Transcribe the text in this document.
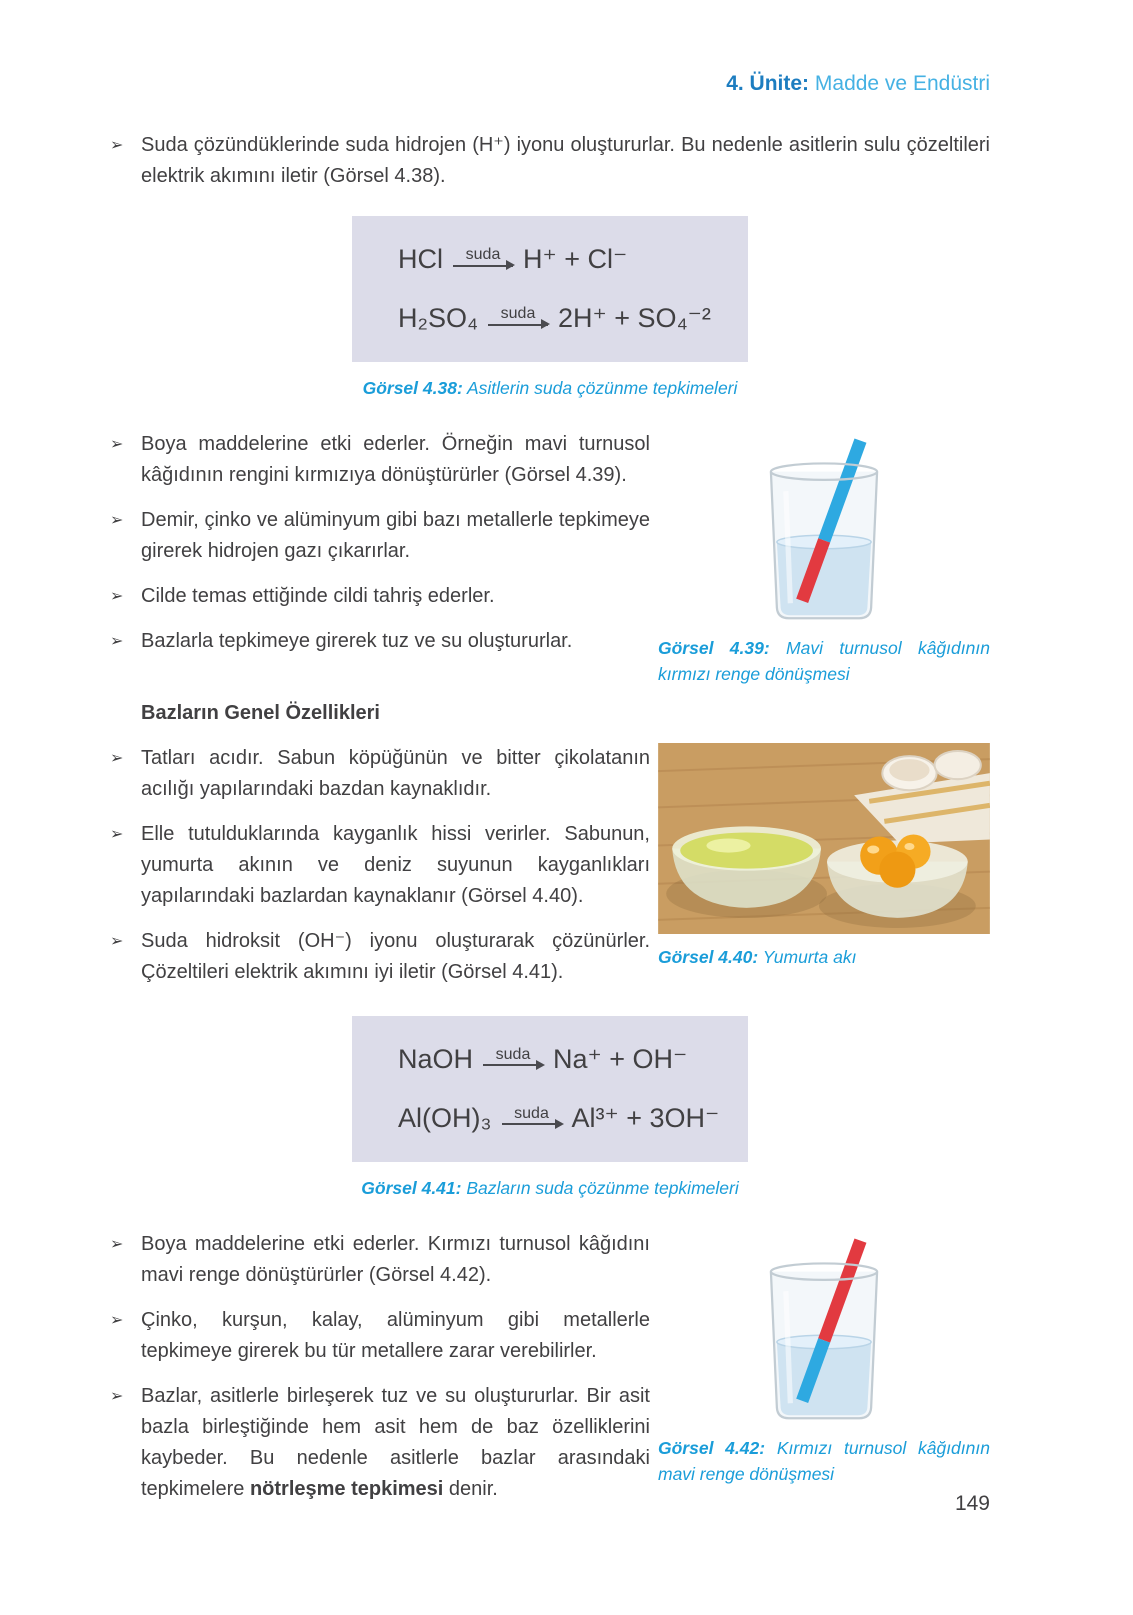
4. Ünite: Madde ve Endüstri
➢ Suda çözündüklerinde suda hidrojen (H⁺) iyonu oluştururlar. Bu nedenle asitlerin sulu çözeltileri elektrik akımını iletir (Görsel 4.38).
HCl suda H⁺ + Cl⁻
H₂SO₄ suda 2H⁺ + SO₄⁻²
Görsel 4.38: Asitlerin suda çözünme tepkimeleri
➢ Boya maddelerine etki ederler. Örneğin mavi turnusol kâğıdının rengini kırmızıya dönüştürürler (Görsel 4.39).
➢ Demir, çinko ve alüminyum gibi bazı metallerle tepkimeye girerek hidrojen gazı çıkarırlar.
➢ Cilde temas ettiğinde cildi tahriş ederler.
➢ Bazlarla tepkimeye girerek tuz ve su oluştururlar.	Görsel 4.39: Mavi turnusol kâğıdının kırmızı renge dönüşmesi
Bazların Genel Özellikleri
➢ Tatları acıdır. Sabun köpüğünün ve bitter çikolatanın acılığı yapılarındaki bazdan kaynaklıdır.
➢ Elle tutulduklarında kayganlık hissi verirler. Sabunun, yumurta akının ve deniz suyunun kayganlıkları yapılarındaki bazlardan kaynaklanır (Görsel 4.40).
➢ Suda hidroksit (OH⁻) iyonu oluşturarak çözünürler. Çözeltileri elektrik akımını iyi iletir (Görsel 4.41).
Görsel 4.40: Yumurta akı
NaOH suda Na⁺ + OH⁻
Al(OH)₃ suda Al³⁺ + 3OH⁻
Görsel 4.41: Bazların suda çözünme tepkimeleri
➢ Boya maddelerine etki ederler. Kırmızı turnusol kâğıdını mavi renge dönüştürürler (Görsel 4.42).
➢ Çinko, kurşun, kalay, alüminyum gibi metallerle tepkimeye girerek bu tür metallere zarar verebilirler.
➢ Bazlar, asitlerle birleşerek tuz ve su oluştururlar. Bir asit bazla birleştiğinde hem asit hem de baz özelliklerini kaybeder. Bu nedenle asitlerle bazlar arasındaki tepkimelere nötrleşme tepkimesi denir.
Görsel 4.42: Kırmızı turnusol kâğıdının mavi renge dönüşmesi
149
